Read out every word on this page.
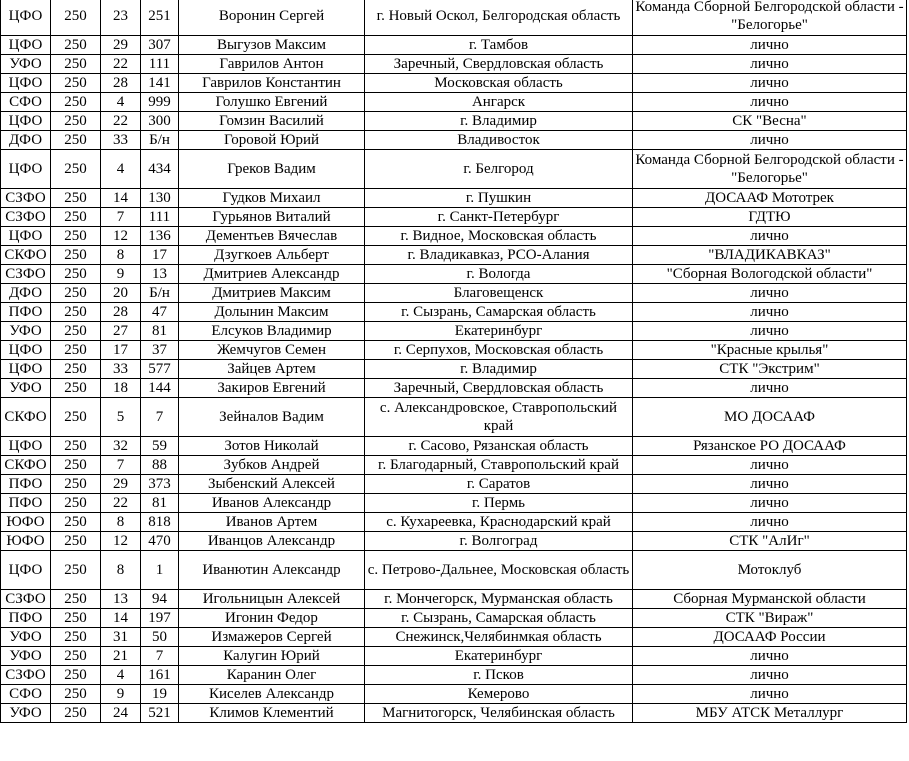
ЦФО	250	23	251	Воронин Сергей	г. Новый Оскол, Белгородская область	Команда Сборной Белгородской области - "Белогорье"
ЦФО	250	29	307	Выгузов Максим	г. Тамбов	лично
УФО	250	22	111	Гаврилов Антон	Заречный, Свердловская область	лично
ЦФО	250	28	141	Гаврилов Константин	Московская область	лично
СФО	250	4	999	Голушко Евгений	Ангарск	лично
ЦФО	250	22	300	Гомзин Василий	г. Владимир	СК "Весна"
ДФО	250	33	Б/н	Горовой Юрий	Владивосток	лично
ЦФО	250	4	434	Греков Вадим	г. Белгород	Команда Сборной Белгородской области - "Белогорье"
СЗФО	250	14	130	Гудков Михаил	г. Пушкин	ДОСААФ Мототрек
СЗФО	250	7	111	Гурьянов Виталий	г. Санкт-Петербург	ГДТЮ
ЦФО	250	12	136	Дементьев Вячеслав	г. Видное, Московская область	лично
СКФО	250	8	17	Дзугкоев Альберт	г. Владикавказ, РСО-Алания	"ВЛАДИКАВКАЗ"
СЗФО	250	9	13	Дмитриев Александр	г. Вологда	"Сборная Вологодской области"
ДФО	250	20	Б/н	Дмитриев Максим	Благовещенск	лично
ПФО	250	28	47	Долынин Максим	г. Сызрань, Самарская область	лично
УФО	250	27	81	Елсуков Владимир	Екатеринбург	лично
ЦФО	250	17	37	Жемчугов Семен	г. Серпухов, Московская область	"Красные крылья"
ЦФО	250	33	577	Зайцев Артем	г. Владимир	СТК "Экстрим"
УФО	250	18	144	Закиров Евгений	Заречный, Свердловская область	лично
СКФО	250	5	7	Зейналов Вадим	с. Александровское, Ставропольский край	МО ДОСААФ
ЦФО	250	32	59	Зотов Николай	г. Сасово, Рязанская область	Рязанское РО ДОСААФ
СКФО	250	7	88	Зубков Андрей	г. Благодарный, Ставропольский край	лично
ПФО	250	29	373	Зыбенский Алексей	г. Саратов	лично
ПФО	250	22	81	Иванов Александр	г. Пермь	лично
ЮФО	250	8	818	Иванов Артем	с. Кухареевка, Краснодарский край	лично
ЮФО	250	12	470	Иванцов Александр	г. Волгоград	СТК "АлИг"
ЦФО	250	8	1	Иванютин Александр	с. Петрово-Дальнее, Московская область	Мотоклуб
СЗФО	250	13	94	Игольницын Алексей	г. Мончегорск, Мурманская область	Сборная Мурманской области
ПФО	250	14	197	Игонин Федор	г. Сызрань, Самарская область	СТК "Вираж"
УФО	250	31	50	Измажеров Сергей	Снежинск,Челябинмкая область	ДОСААФ России
УФО	250	21	7	Калугин Юрий	Екатеринбург	лично
СЗФО	250	4	161	Каранин Олег	г. Псков	лично
СФО	250	9	19	Киселев Александр	Кемерово	лично
УФО	250	24	521	Климов Клементий	Магнитогорск, Челябинская область	МБУ АТСК Металлург
